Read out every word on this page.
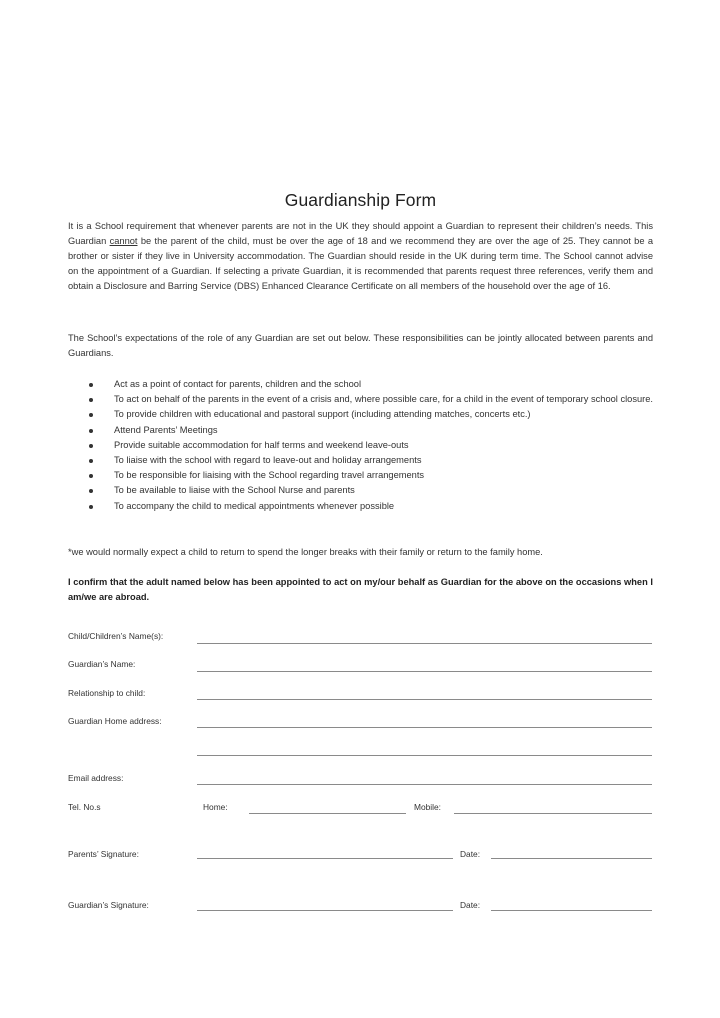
Guardianship Form
It is a School requirement that whenever parents are not in the UK they should appoint a Guardian to represent their children’s needs. This Guardian cannot be the parent of the child, must be over the age of 18 and we recommend they are over the age of 25. They cannot be a brother or sister if they live in University accommodation. The Guardian should reside in the UK during term time. The School cannot advise on the appointment of a Guardian. If selecting a private Guardian, it is recommended that parents request three references, verify them and obtain a Disclosure and Barring Service (DBS) Enhanced Clearance Certificate on all members of the household over the age of 16.
The School’s expectations of the role of any Guardian are set out below. These responsibilities can be jointly allocated between parents and Guardians.
Act as a point of contact for parents, children and the school
To act on behalf of the parents in the event of a crisis and, where possible care, for a child in the event of temporary school closure.
To provide children with educational and pastoral support (including attending matches, concerts etc.)
Attend Parents’ Meetings
Provide suitable accommodation for half terms and weekend leave-outs
To liaise with the school with regard to leave-out and holiday arrangements
To be responsible for liaising with the School regarding travel arrangements
To be available to liaise with the School Nurse and parents
To accompany the child to medical appointments whenever possible
*we would normally expect a child to return to spend the longer breaks with their family or return to the family home.
I confirm that the adult named below has been appointed to act on my/our behalf as Guardian for the above on the occasions when I am/we are abroad.
Child/Children’s Name(s):
Guardian’s Name:
Relationship to child:
Guardian Home address:
Email address:
Tel. No.s	Home:	Mobile:
Parents’ Signature:	Date:
Guardian’s Signature:	Date:
